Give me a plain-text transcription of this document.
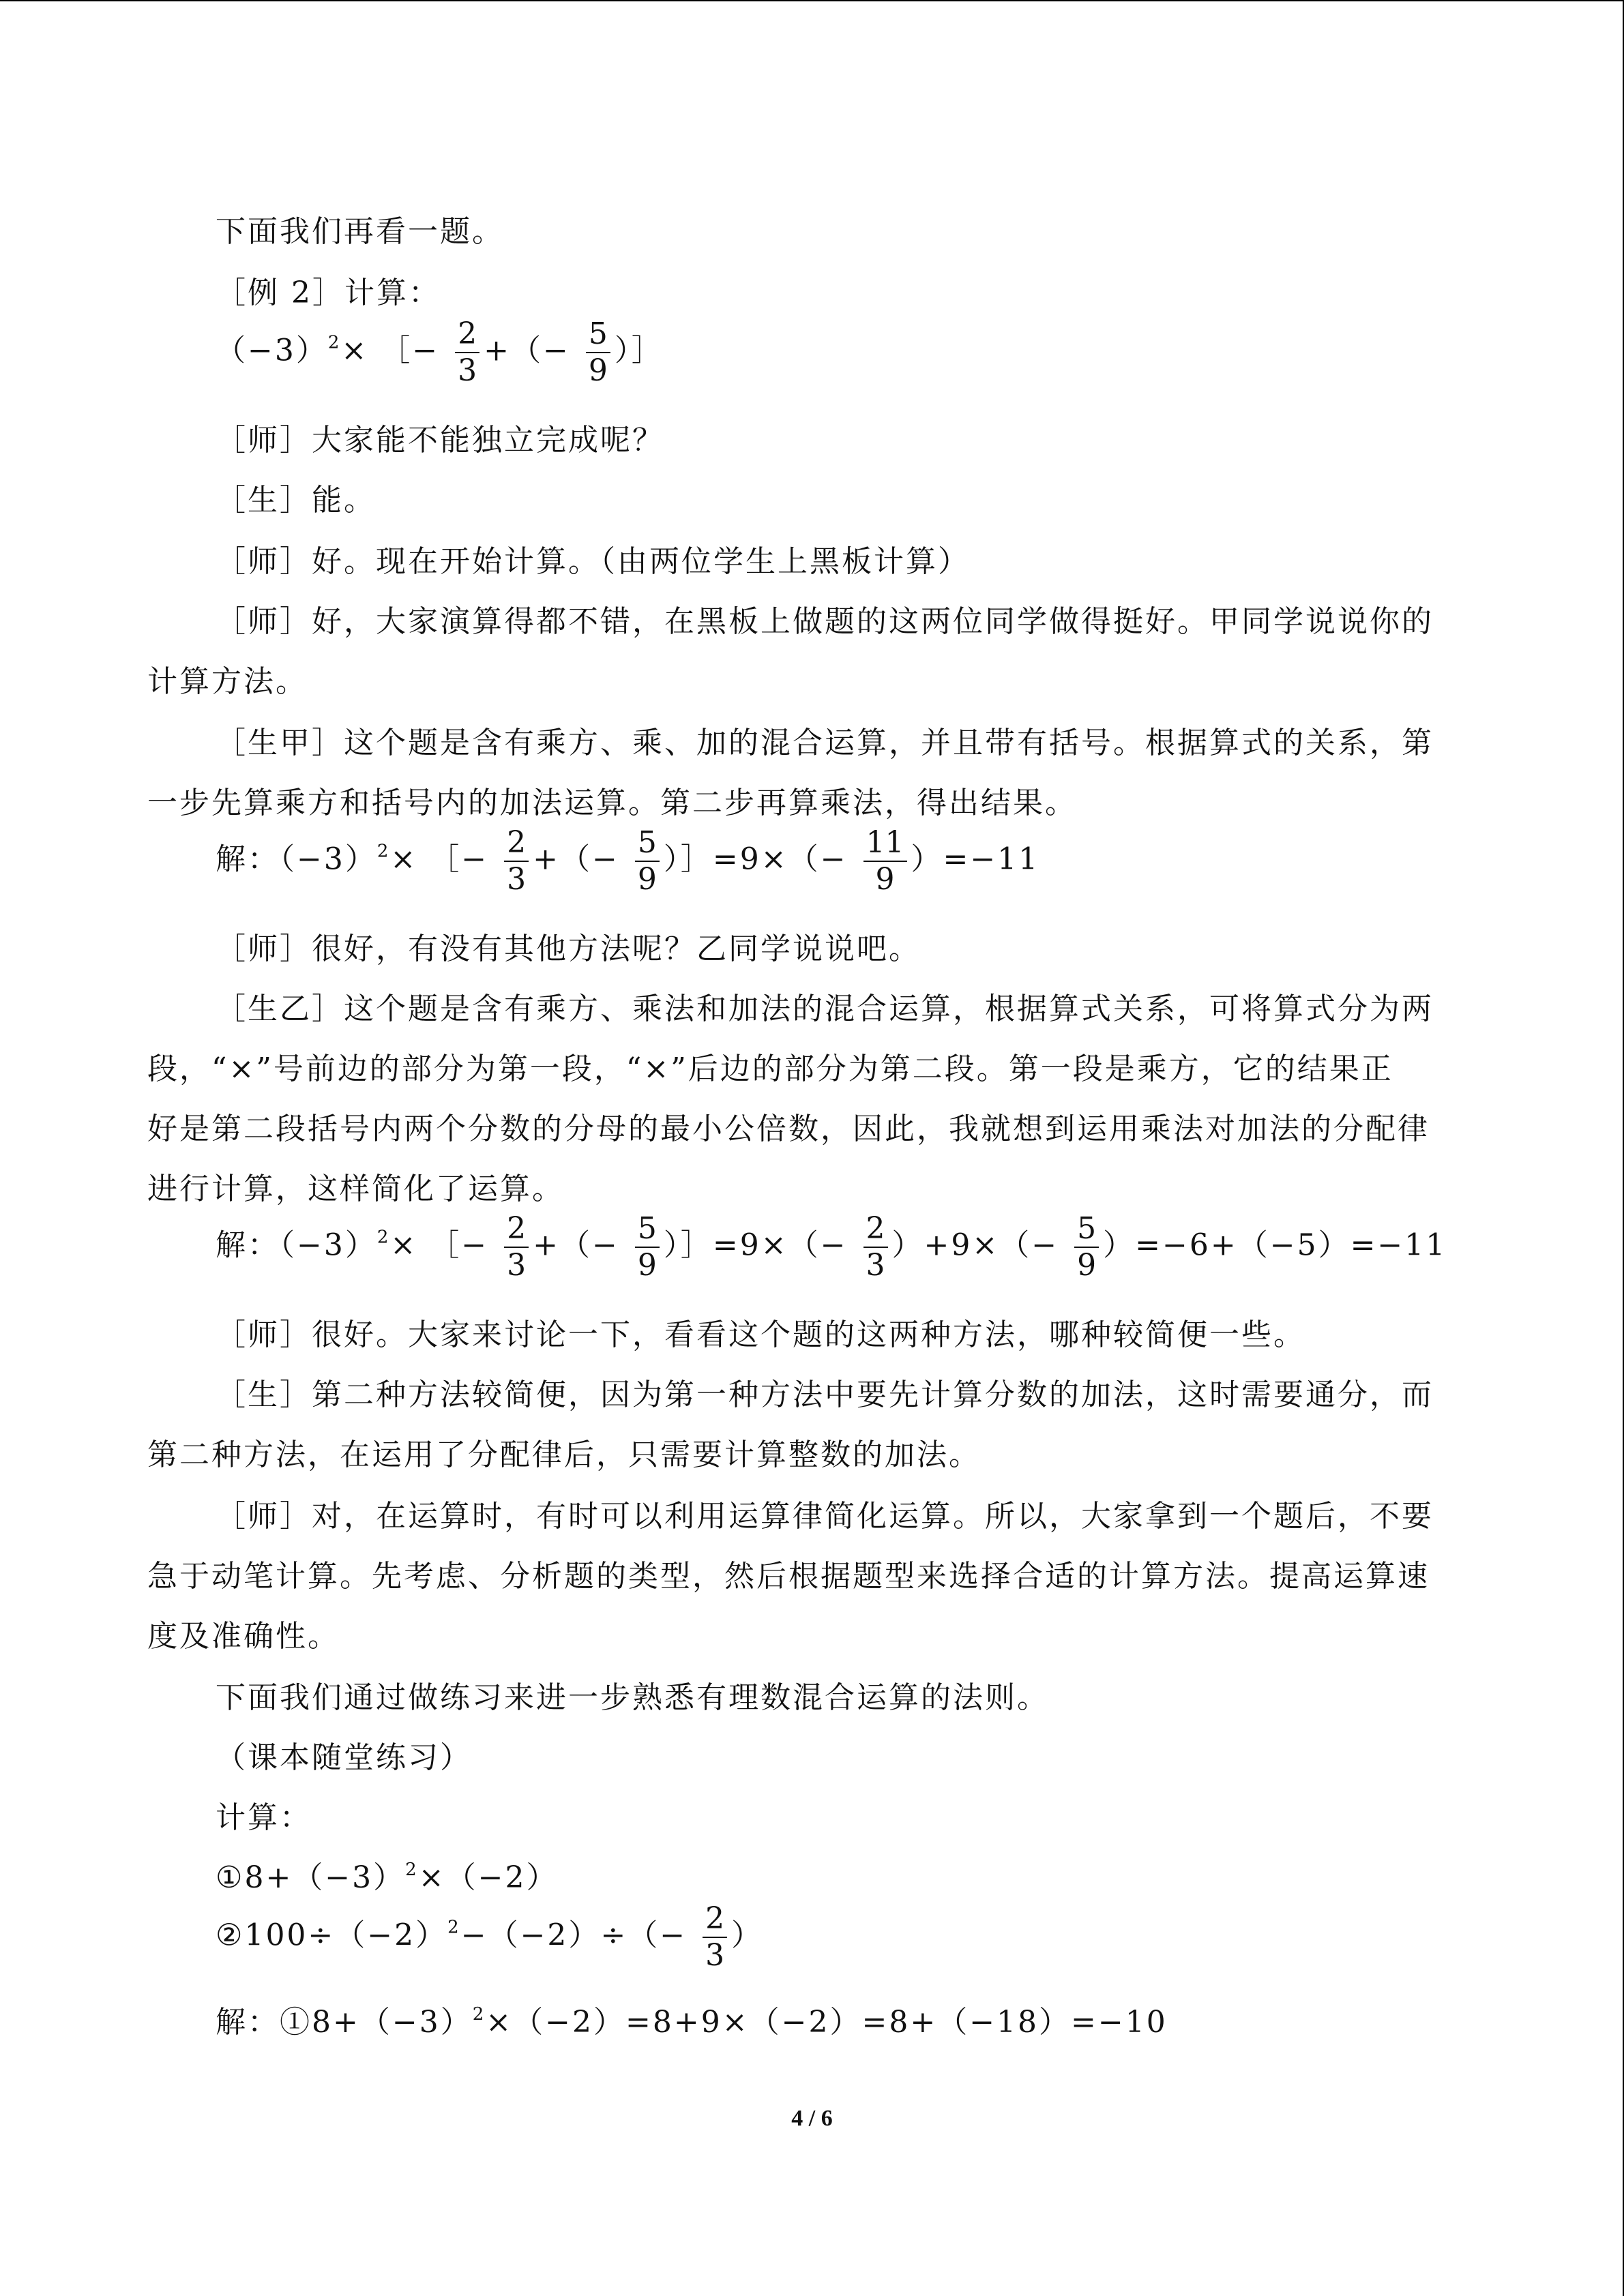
下面我们再看一题。
［例 2］计算：
$(-3)^2\times$ ［− $\frac{2}{3}$ +（− $\frac{5}{9}$ ）］
［师］大家能不能独立完成呢？
［生］能。
［师］好。现在开始计算。（由两位学生上黑板计算）
［师］好，大家演算得都不错，在黑板上做题的这两位同学做得挺好。甲同学说说你的
计算方法。
［生甲］这个题是含有乘方、乘、加的混合运算，并且带有括号。根据算式的关系，第
一步先算乘方和括号内的加法运算。第二步再算乘法，得出结果。
解：$(-3)^2\times$ ［− $\frac{2}{3}$ +（− $\frac{5}{9}$ ）］=9×（− $\frac{11}{9} )=-11$
［师］很好，有没有其他方法呢？乙同学说说吧。
［生乙］这个题是含有乘方、乘法和加法的混合运算，根据算式关系，可将算式分为两
段，“×”号前边的部分为第一段，“×”后边的部分为第二段。第一段是乘方，它的结果正
好是第二段括号内两个分数的分母的最小公倍数，因此，我就想到运用乘法对加法的分配律
进行计算，这样简化了运算。
解：$(-3)^2\times$ ［− $\frac{2}{3}$ +（− $\frac{5}{9}$ ）］=9×（− $\frac{2}{3} )+9\times(- \frac{5}{9} )=-6+(-5)=-11$
［师］很好。大家来讨论一下，看看这个题的这两种方法，哪种较简便一些。
［生］第二种方法较简便，因为第一种方法中要先计算分数的加法，这时需要通分，而
第二种方法，在运用了分配律后，只需要计算整数的加法。
［师］对，在运算时，有时可以利用运算律简化运算。所以，大家拿到一个题后，不要
急于动笔计算。先考虑、分析题的类型，然后根据题型来选择合适的计算方法。提高运算速
度及准确性。
下面我们通过做练习来进一步熟悉有理数混合运算的法则。
（课本随堂练习）
计算：
$①8+(-3)^2\times(-2)$
$②100\div(-2)^2-(-2)\div(- \frac{2}{3}$ ）
解：$①8+(-3)^2\times(-2)=8+9\times(-2)=8+(-18)=-10$
4 / 6
